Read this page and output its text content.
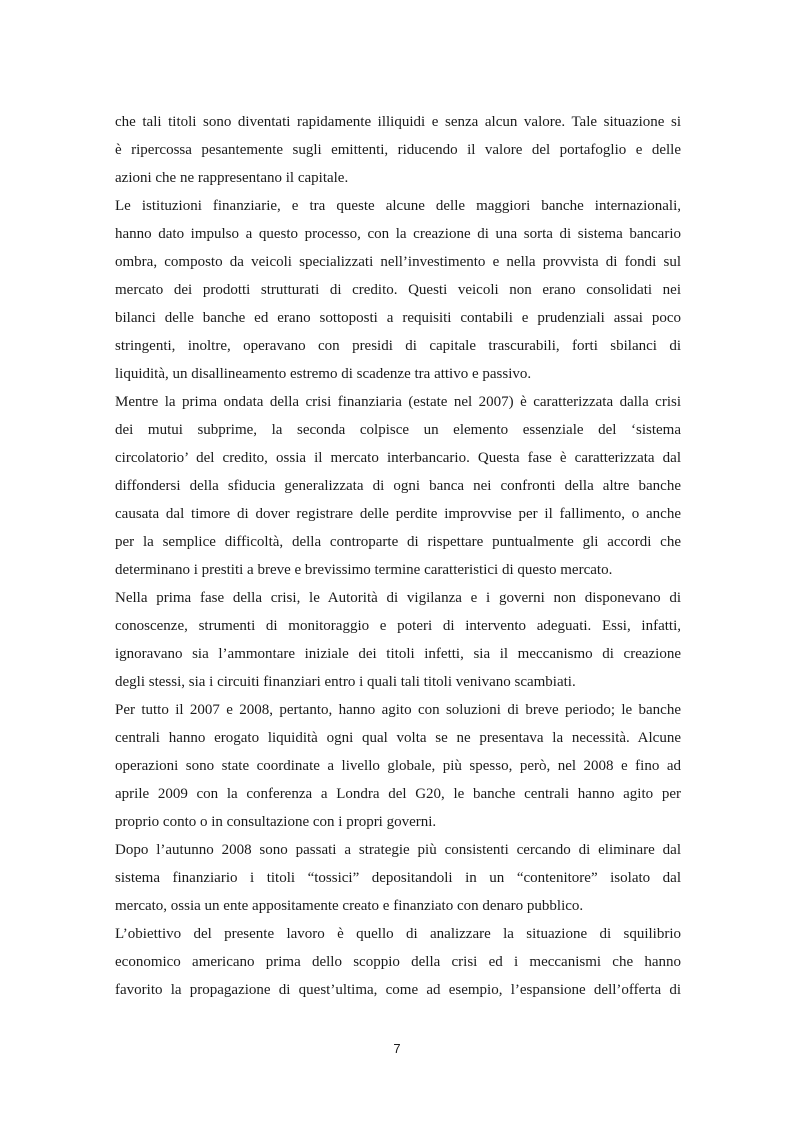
che tali titoli sono diventati rapidamente illiquidi e senza alcun valore. Tale situazione si
è ripercossa pesantemente sugli emittenti, riducendo il valore del portafoglio e delle
azioni che ne rappresentano il capitale.
Le istituzioni finanziarie, e tra queste alcune delle maggiori banche internazionali,
hanno dato impulso a questo processo, con la creazione di una sorta di sistema bancario
ombra, composto da veicoli specializzati nell’investimento e nella provvista di fondi sul
mercato dei prodotti strutturati di credito. Questi veicoli non erano consolidati nei
bilanci delle banche ed erano sottoposti a requisiti contabili e prudenziali assai poco
stringenti, inoltre, operavano con presidi di capitale trascurabili, forti sbilanci di
liquidità, un disallineamento estremo di scadenze tra attivo e passivo.
Mentre la prima ondata della crisi finanziaria (estate nel 2007) è caratterizzata dalla crisi
dei mutui subprime, la seconda colpisce un elemento essenziale del ‘sistema
circolatorio’ del credito, ossia il mercato interbancario. Questa fase è caratterizzata dal
diffondersi della sfiducia generalizzata di ogni banca nei confronti della altre banche
causata dal timore di dover registrare delle perdite improvvise per il fallimento, o anche
per la semplice difficoltà, della controparte di rispettare puntualmente gli accordi che
determinano i prestiti a breve e brevissimo termine caratteristici di questo mercato.
Nella prima fase della crisi, le Autorità di vigilanza e i governi non disponevano di
conoscenze, strumenti di monitoraggio e poteri di intervento adeguati. Essi, infatti,
ignoravano sia l’ammontare iniziale dei titoli infetti, sia il meccanismo di creazione
degli stessi, sia i circuiti finanziari entro i quali tali titoli venivano scambiati.
Per tutto il 2007 e 2008, pertanto, hanno agito con soluzioni di breve periodo; le banche
centrali hanno erogato liquidità ogni qual volta se ne presentava la necessità. Alcune
operazioni sono state coordinate a livello globale, più spesso, però, nel 2008 e fino ad
aprile 2009 con la conferenza a Londra del G20, le banche centrali hanno agito per
proprio conto o in consultazione con i propri governi.
Dopo l’autunno 2008 sono passati a strategie più consistenti cercando di eliminare dal
sistema finanziario i titoli “tossici” depositandoli in un “contenitore” isolato dal
mercato, ossia un ente appositamente creato e finanziato con denaro pubblico.
L’obiettivo del presente lavoro è quello di analizzare la situazione di squilibrio
economico americano prima dello scoppio della crisi ed i meccanismi che hanno
favorito la propagazione di quest’ultima, come ad esempio, l’espansione dell’offerta di
7
